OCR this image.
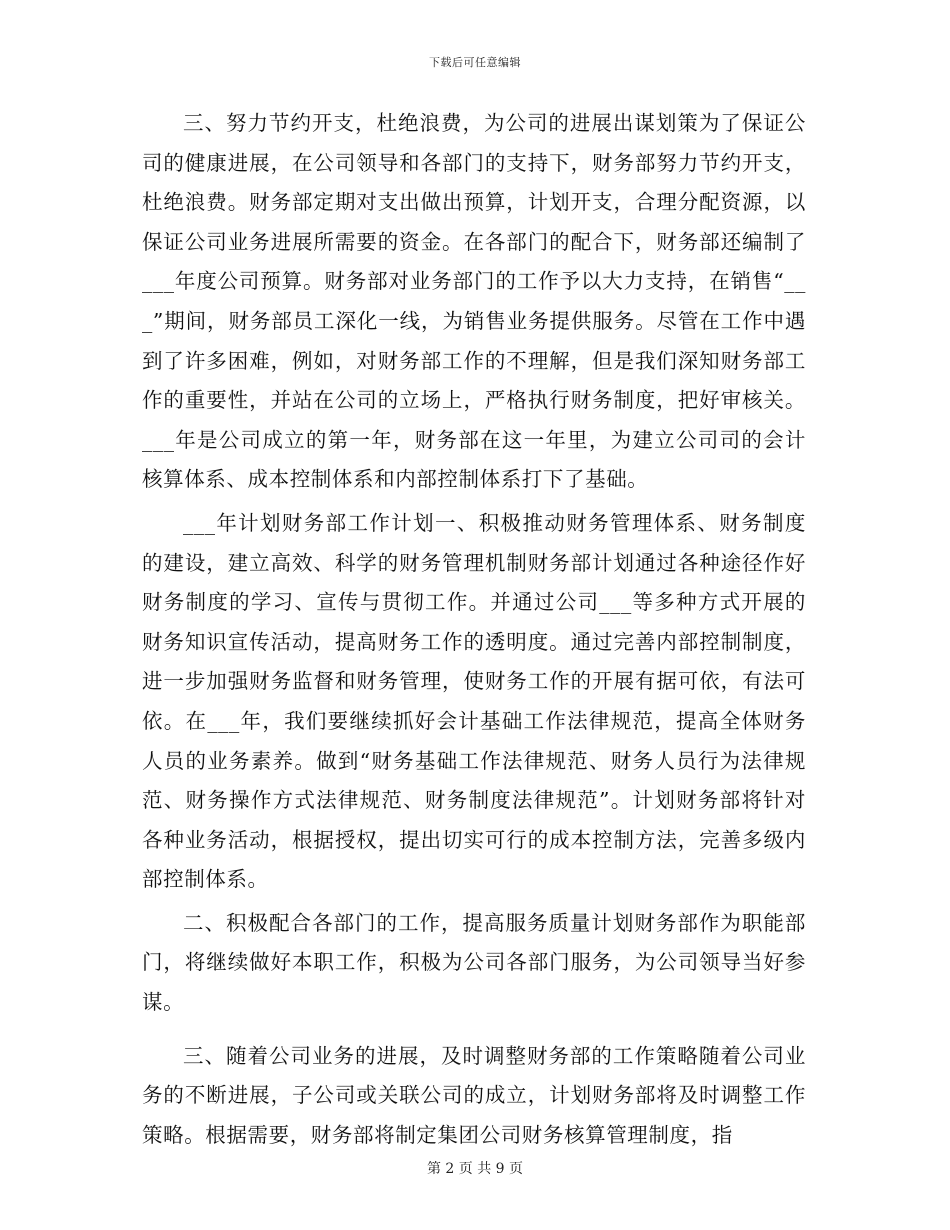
下载后可任意编辑

三、努力节约开支，杜绝浪费，为公司的进展出谋划策为了保证公司的健康进展，在公司领导和各部门的支持下，财务部努力节约开支，杜绝浪费。财务部定期对支出做出预算，计划开支，合理分配资源，以保证公司业务进展所需要的资金。在各部门的配合下，财务部还编制了___年度公司预算。财务部对业务部门的工作予以大力支持，在销售“___”期间，财务部员工深化一线，为销售业务提供服务。尽管在工作中遇到了许多困难，例如，对财务部工作的不理解，但是我们深知财务部工作的重要性，并站在公司的立场上，严格执行财务制度，把好审核关。___年是公司成立的第一年，财务部在这一年里，为建立公司司的会计核算体系、成本控制体系和内部控制体系打下了基础。

___年计划财务部工作计划一、积极推动财务管理体系、财务制度的建设，建立高效、科学的财务管理机制财务部计划通过各种途径作好财务制度的学习、宣传与贯彻工作。并通过公司___等多种方式开展的财务知识宣传活动，提高财务工作的透明度。通过完善内部控制制度，进一步加强财务监督和财务管理，使财务工作的开展有据可依，有法可依。在___年，我们要继续抓好会计基础工作法律规范，提高全体财务人员的业务素养。做到“财务基础工作法律规范、财务人员行为法律规范、财务操作方式法律规范、财务制度法律规范”。计划财务部将针对各种业务活动，根据授权，提出切实可行的成本控制方法，完善多级内部控制体系。

二、积极配合各部门的工作，提高服务质量计划财务部作为职能部门，将继续做好本职工作，积极为公司各部门服务，为公司领导当好参谋。

三、随着公司业务的进展，及时调整财务部的工作策略随着公司业务的不断进展，子公司或关联公司的成立，计划财务部将及时调整工作策略。根据需要，财务部将制定集团公司财务核算管理制度，指

第 2 页 共 9 页
